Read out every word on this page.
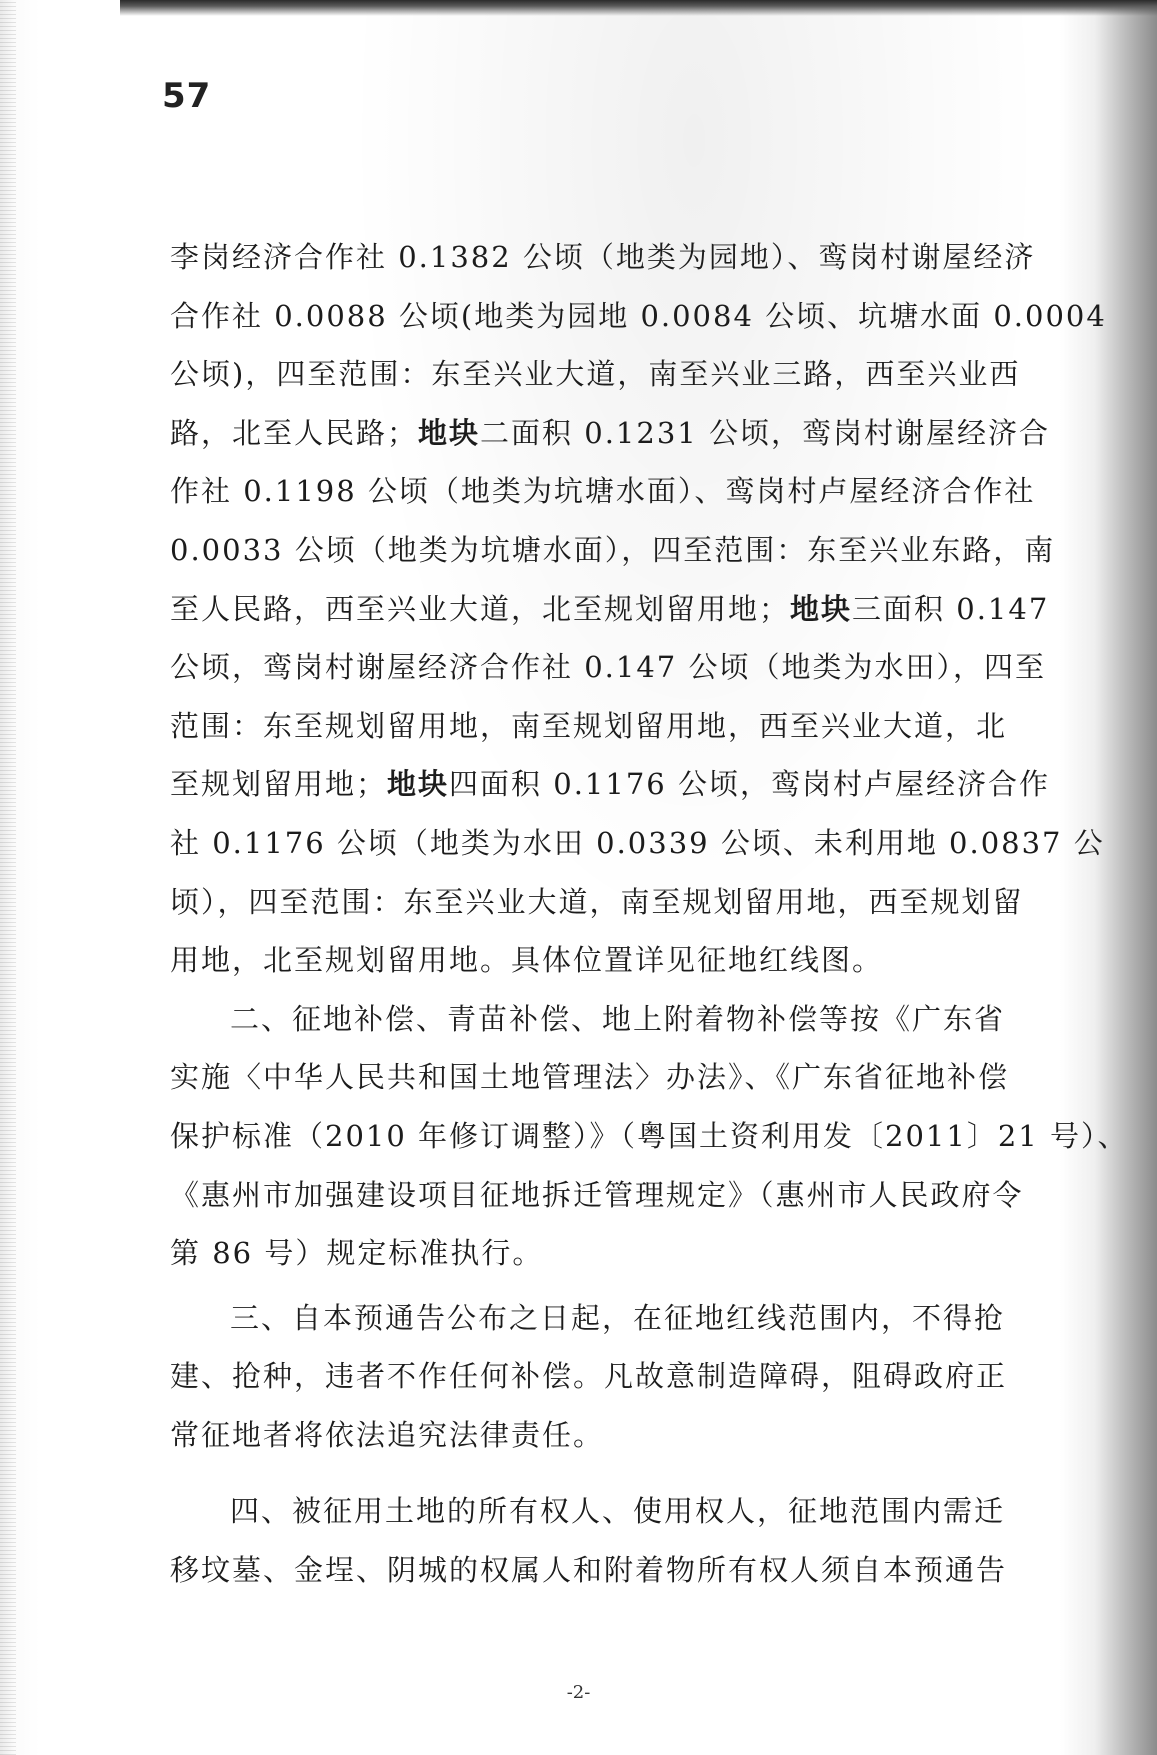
57
李岗经济合作社 0.1382 公顷（地类为园地）、鸾岗村谢屋经济
合作社 0.0088 公顷(地类为园地 0.0084 公顷、坑塘水面 0.0004
公顷)，四至范围：东至兴业大道，南至兴业三路，西至兴业西
路，北至人民路；地块二面积 0.1231 公顷，鸾岗村谢屋经济合
作社 0.1198 公顷（地类为坑塘水面）、鸾岗村卢屋经济合作社
0.0033 公顷（地类为坑塘水面），四至范围：东至兴业东路，南
至人民路，西至兴业大道，北至规划留用地；地块三面积 0.147
公顷，鸾岗村谢屋经济合作社 0.147 公顷（地类为水田），四至
范围：东至规划留用地，南至规划留用地，西至兴业大道，北
至规划留用地；地块四面积 0.1176 公顷，鸾岗村卢屋经济合作
社 0.1176 公顷（地类为水田 0.0339 公顷、未利用地 0.0837 公
顷），四至范围：东至兴业大道，南至规划留用地，西至规划留
用地，北至规划留用地。具体位置详见征地红线图。
二、征地补偿、青苗补偿、地上附着物补偿等按《广东省
实施〈中华人民共和国土地管理法〉办法》、《广东省征地补偿
保护标准（2010 年修订调整）》（粤国土资利用发〔2011〕21 号）、
《惠州市加强建设项目征地拆迁管理规定》（惠州市人民政府令
第 86 号）规定标准执行。
三、自本预通告公布之日起，在征地红线范围内，不得抢
建、抢种，违者不作任何补偿。凡故意制造障碍，阻碍政府正
常征地者将依法追究法律责任。
四、被征用土地的所有权人、使用权人，征地范围内需迁
移坟墓、金埕、阴城的权属人和附着物所有权人须自本预通告
-2-
